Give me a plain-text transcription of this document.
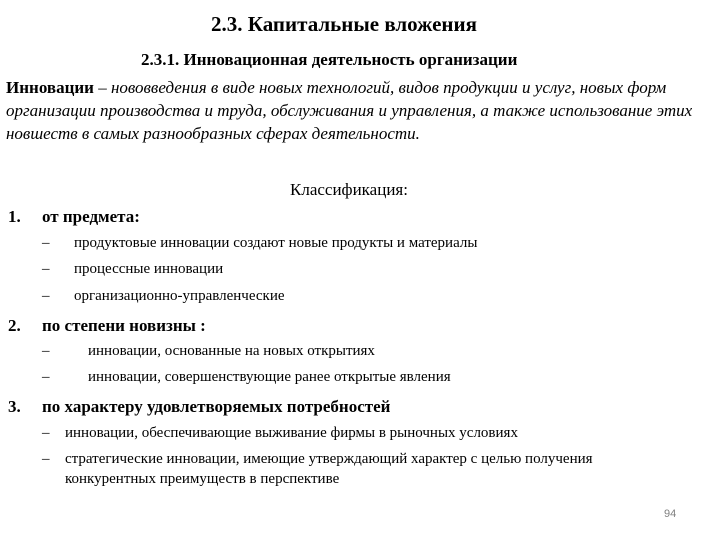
2.3. Капитальные вложения
2.3.1. Инновационная деятельность организации
Инновации – нововведения в виде новых технологий, видов продукции и услуг, новых форм организации производства и труда, обслуживания и управления, а также использование этих новшеств в самых разнообразных сферах деятельности.
Классификация:
1. от предмета:
– продуктовые инновации создают новые продукты и материалы
– процессные инновации
– организационно-управленческие
2. по степени новизны :
–	инновации, основанные на новых открытиях
–	инновации, совершенствующие ранее открытые явления
3. по характеру удовлетворяемых потребностей
– инновации, обеспечивающие выживание фирмы в рыночных условиях
– стратегические инновации, имеющие утверждающий характер с целью получения
конкурентных преимуществ в перспективе
94
